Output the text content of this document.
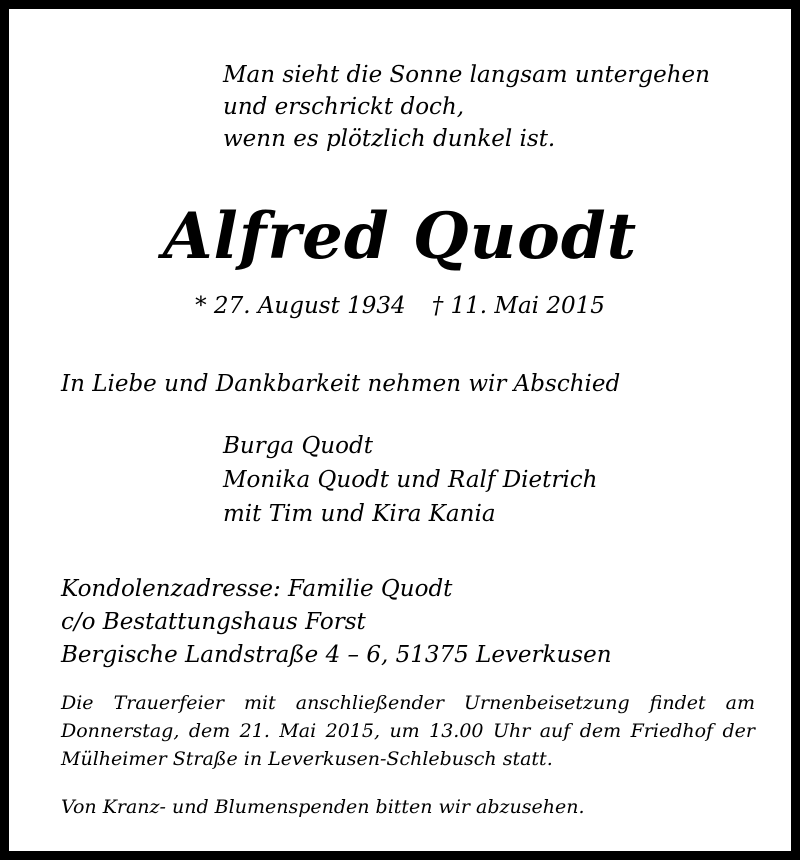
Man sieht die Sonne langsam untergehen
und erschrickt doch,
wenn es plötzlich dunkel ist.
Alfred Quodt
* 27. August 1934 † 11. Mai 2015
In Liebe und Dankbarkeit nehmen wir Abschied
Burga Quodt
Monika Quodt und Ralf Dietrich
mit Tim und Kira Kania
Kondolenzadresse: Familie Quodt
c/o Bestattungshaus Forst
Bergische Landstraße 4 – 6, 51375 Leverkusen
Die Trauerfeier mit anschließender Urnenbeisetzung findet am Donnerstag, dem 21. Mai 2015, um 13.00 Uhr auf dem Friedhof der Mülheimer Straße in Leverkusen-Schlebusch statt.
Von Kranz- und Blumenspenden bitten wir abzusehen.
